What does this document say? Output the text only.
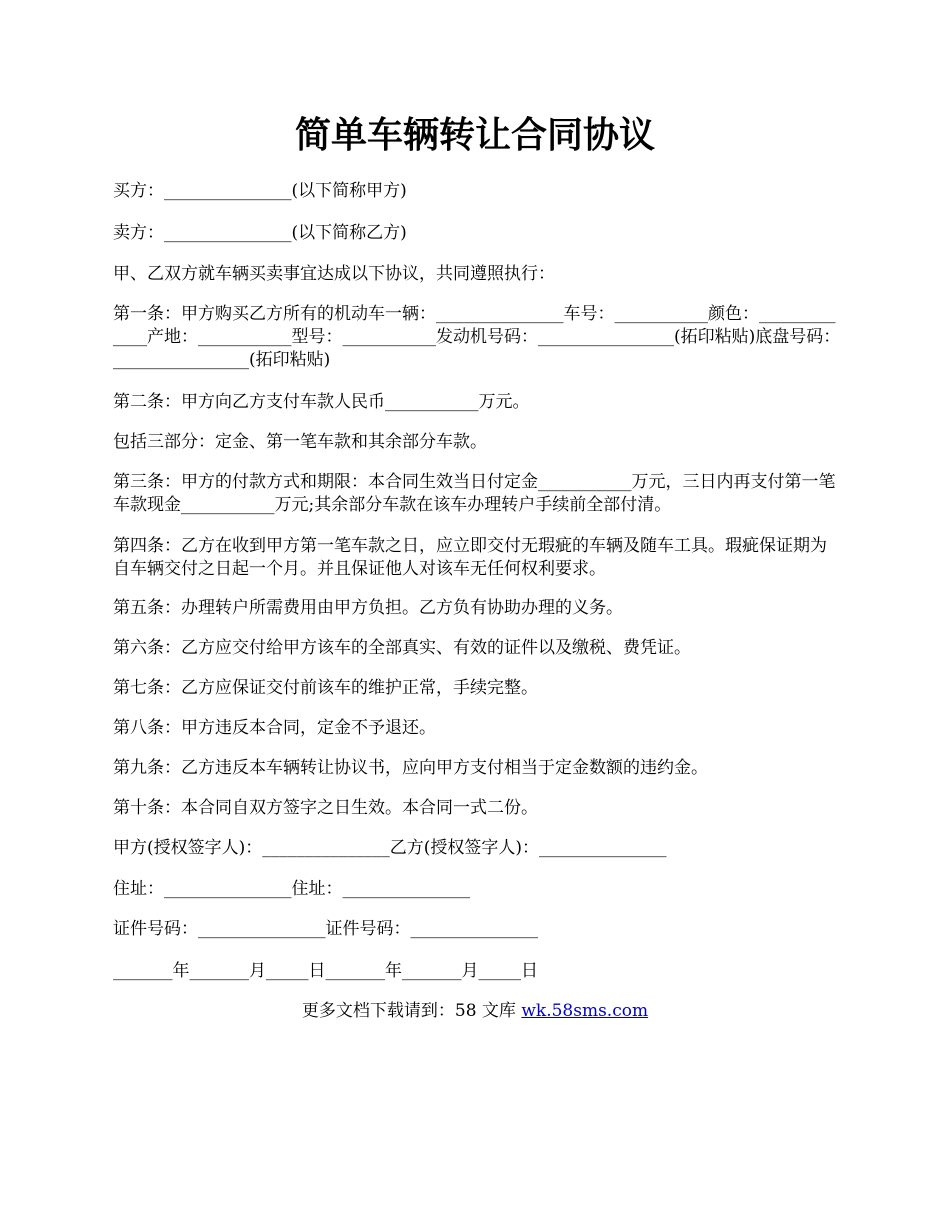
简单车辆转让合同协议

买方：_______________(以下简称甲方)

卖方：_______________(以下简称乙方)

甲、乙双方就车辆买卖事宜达成以下协议，共同遵照执行：

第一条：甲方购买乙方所有的机动车一辆：_______________车号：___________颜色：_____________产地：___________型号：___________发动机号码：________________(拓印粘贴)底盘号码：________________(拓印粘贴)

第二条：甲方向乙方支付车款人民币___________万元。

包括三部分：定金、第一笔车款和其余部分车款。

第三条：甲方的付款方式和期限：本合同生效当日付定金___________万元，三日内再支付第一笔车款现金___________万元;其余部分车款在该车办理转户手续前全部付清。

第四条：乙方在收到甲方第一笔车款之日，应立即交付无瑕疵的车辆及随车工具。瑕疵保证期为自车辆交付之日起一个月。并且保证他人对该车无任何权利要求。

第五条：办理转户所需费用由甲方负担。乙方负有协助办理的义务。

第六条：乙方应交付给甲方该车的全部真实、有效的证件以及缴税、费凭证。

第七条：乙方应保证交付前该车的维护正常，手续完整。

第八条：甲方违反本合同，定金不予退还。

第九条：乙方违反本车辆转让协议书，应向甲方支付相当于定金数额的违约金。

第十条：本合同自双方签字之日生效。本合同一式二份。

甲方(授权签字人)：_______________乙方(授权签字人)：_______________

住址：_______________住址：_______________

证件号码：_______________证件号码：_______________

_______年_______月_____日_______年_______月_____日

更多文档下载请到：58 文库 wk.58sms.com
